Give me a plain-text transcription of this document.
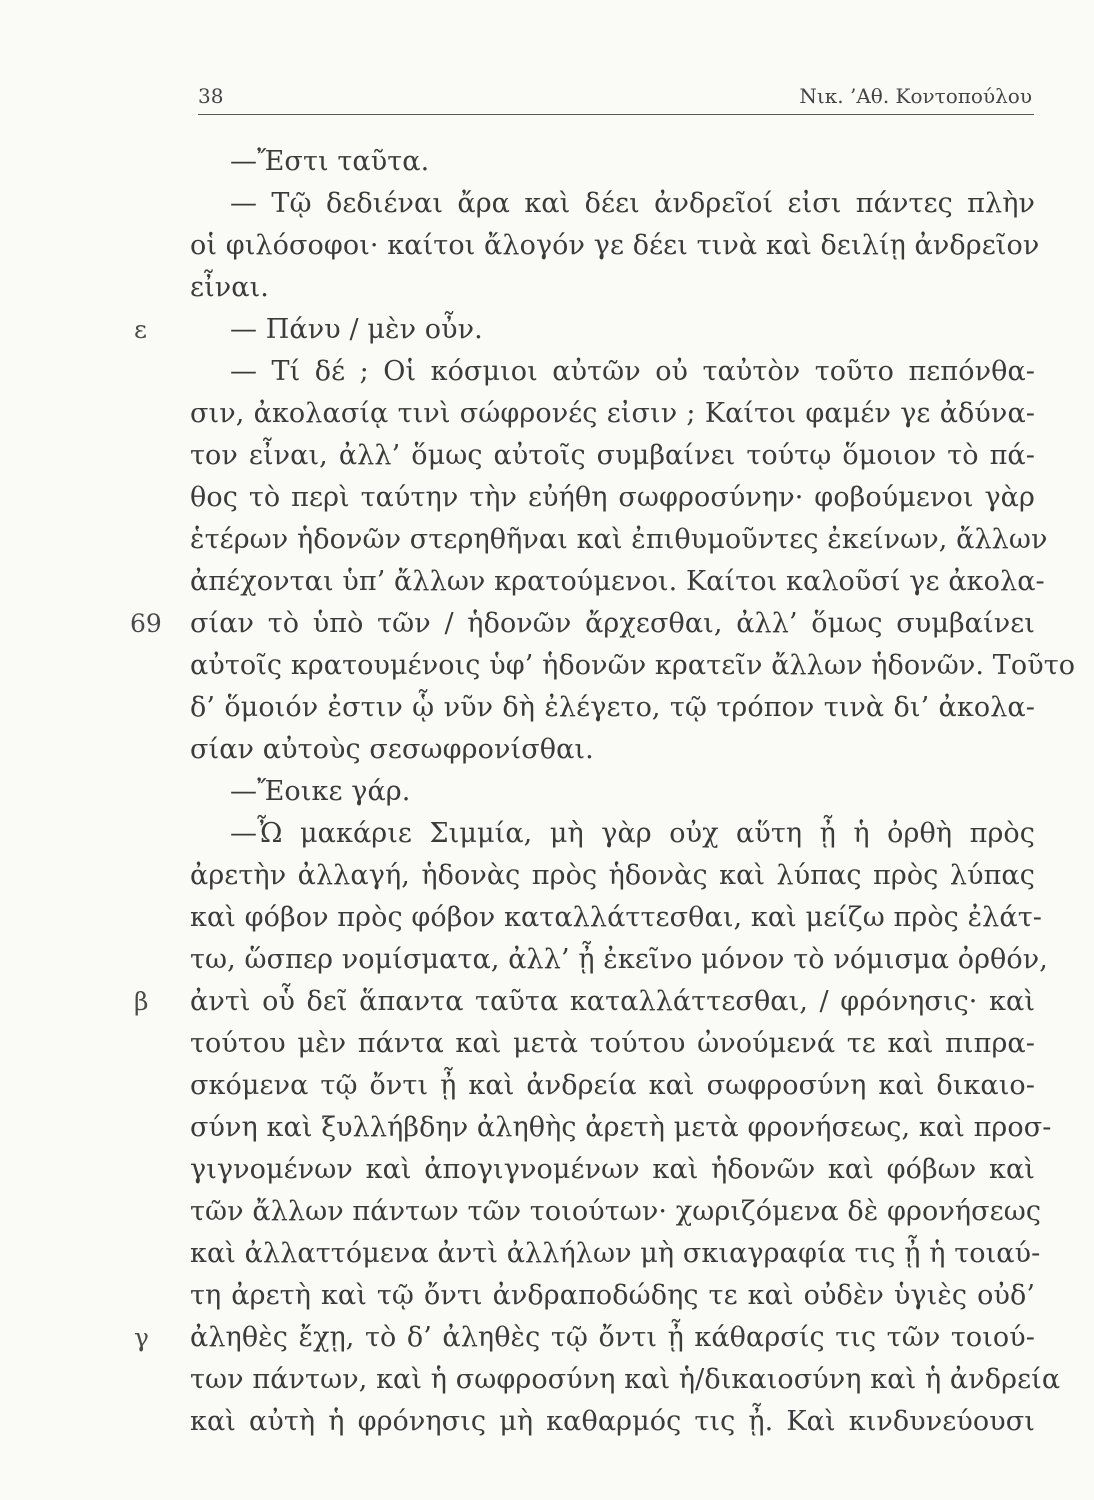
38	Νικ. ’Αθ. Κοντοπούλου
—Ἔστι ταῦτα.
— Τῷ δεδιέναι ἄρα καὶ δέει ἀνδρεῖοί εἰσι πάντες πλὴν
οἱ φιλόσοφοι· καίτοι ἄλογόν γε δέει τινὰ καὶ δειλίῃ ἀνδρεῖον
εἶναι.
— Πάνυ / μὲν οὖν.
— Τί δέ ; Οἱ κόσμιοι αὐτῶν οὐ ταὐτὸν τοῦτο πεπόνθα-
σιν, ἀκολασίᾳ τινὶ σώφρονές εἰσιν ; Καίτοι φαμέν γε ἀδύνα-
τον εἶναι, ἀλλ’ ὅμως αὐτοῖς συμβαίνει τούτῳ ὅμοιον τὸ πά-
θος τὸ περὶ ταύτην τὴν εὐήθη σωφροσύνην· φοβούμενοι γὰρ
ἑτέρων ἡδονῶν στερηθῆναι καὶ ἐπιθυμοῦντες ἐκείνων, ἄλλων
ἀπέχονται ὑπ’ ἄλλων κρατούμενοι. Καίτοι καλοῦσί γε ἀκολα-
σίαν τὸ ὑπὸ τῶν / ἡδονῶν ἄρχεσθαι, ἀλλ’ ὅμως συμβαίνει
αὐτοῖς κρατουμένοις ὑφ’ ἡδονῶν κρατεῖν ἄλλων ἡδονῶν. Τοῦτο
δ’ ὅμοιόν ἐστιν ᾧ νῦν δὴ ἐλέγετο, τῷ τρόπον τινὰ δι’ ἀκολα-
σίαν αὐτοὺς σεσωφρονίσθαι.
—Ἔοικε γάρ.
—Ὦ μακάριε Σιμμία, μὴ γὰρ οὐχ αὕτη ᾖ ἡ ὀρθὴ πρὸς
ἀρετὴν ἀλλαγή, ἡδονὰς πρὸς ἡδονὰς καὶ λύπας πρὸς λύπας
καὶ φόβον πρὸς φόβον καταλλάττεσθαι, καὶ μείζω πρὸς ἐλάτ-
τω, ὥσπερ νομίσματα, ἀλλ’ ᾖ ἐκεῖνο μόνον τὸ νόμισμα ὀρθόν,
ἀντὶ οὗ δεῖ ἅπαντα ταῦτα καταλλάττεσθαι, / φρόνησις· καὶ
τούτου μὲν πάντα καὶ μετὰ τούτου ὠνούμενά τε καὶ πιπρα-
σκόμενα τῷ ὄντι ᾖ καὶ ἀνδρεία καὶ σωφροσύνη καὶ δικαιο-
σύνη καὶ ξυλλήβδην ἀληθὴς ἀρετὴ μετὰ φρονήσεως, καὶ προσ-
γιγνομένων καὶ ἀπογιγνομένων καὶ ἡδονῶν καὶ φόβων καὶ
τῶν ἄλλων πάντων τῶν τοιούτων· χωριζόμενα δὲ φρονήσεως
καὶ ἀλλαττόμενα ἀντὶ ἀλλήλων μὴ σκιαγραφία τις ᾖ ἡ τοιαύ-
τη ἀρετὴ καὶ τῷ ὄντι ἀνδραποδώδης τε καὶ οὐδὲν ὑγιὲς οὐδ’
ἀληθὲς ἔχῃ, τὸ δ’ ἀληθὲς τῷ ὄντι ᾖ κάθαρσίς τις τῶν τοιού-
των πάντων, καὶ ἡ σωφροσύνη καὶ ἡ/δικαιοσύνη καὶ ἡ ἀνδρεία
καὶ αὐτὴ ἡ φρόνησις μὴ καθαρμός τις ᾖ. Καὶ κινδυνεύουσι
ε
69
β
γ
